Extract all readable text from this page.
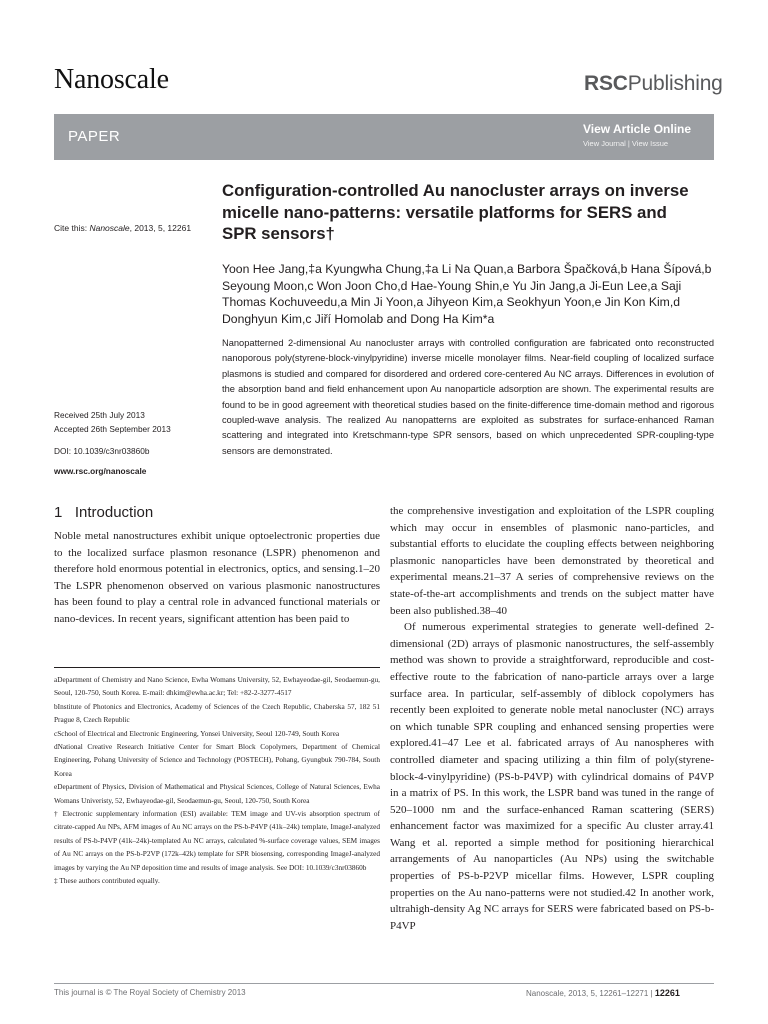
Nanoscale	RSCPublishing
PAPER	View Article Online
View Journal | View Issue
Configuration-controlled Au nanocluster arrays on inverse micelle nano-patterns: versatile platforms for SERS and SPR sensors†
Cite this: Nanoscale, 2013, 5, 12261
Yoon Hee Jang,‡a Kyungwha Chung,‡a Li Na Quan,a Barbora Špačková,b Hana Šípová,b Seyoung Moon,c Won Joon Cho,d Hae-Young Shin,e Yu Jin Jang,a Ji-Eun Lee,a Saji Thomas Kochuveedu,a Min Ji Yoon,a Jihyeon Kim,a Seokhyun Yoon,e Jin Kon Kim,d Donghyun Kim,c Jiří Homolab and Dong Ha Kim*a
Received 25th July 2013
Accepted 26th September 2013
DOI: 10.1039/c3nr03860b
www.rsc.org/nanoscale
Nanopatterned 2-dimensional Au nanocluster arrays with controlled configuration are fabricated onto reconstructed nanoporous poly(styrene-block-vinylpyridine) inverse micelle monolayer films. Near-field coupling of localized surface plasmons is studied and compared for disordered and ordered core-centered Au NC arrays. Differences in evolution of the absorption band and field enhancement upon Au nanoparticle adsorption are shown. The experimental results are found to be in good agreement with theoretical studies based on the finite-difference time-domain method and rigorous coupled-wave analysis. The realized Au nanopatterns are exploited as substrates for surface-enhanced Raman scattering and integrated into Kretschmann-type SPR sensors, based on which unprecedented SPR-coupling-type sensors are demonstrated.
1 Introduction
Noble metal nanostructures exhibit unique optoelectronic properties due to the localized surface plasmon resonance (LSPR) phenomenon and therefore hold enormous potential in electronics, optics, and sensing.1–20 The LSPR phenomenon observed on various plasmonic nanostructures has been found to play a central role in advanced functional materials or nano-devices. In recent years, significant attention has been paid to
aDepartment of Chemistry and Nano Science, Ewha Womans University, 52, Ewhayeodae-gil, Seodaemun-gu, Seoul, 120-750, South Korea. E-mail: dhkim@ewha.ac.kr; Tel: +82-2-3277-4517
bInstitute of Photonics and Electronics, Academy of Sciences of the Czech Republic, Chaberska 57, 182 51 Prague 8, Czech Republic
cSchool of Electrical and Electronic Engineering, Yonsei University, Seoul 120-749, South Korea
dNational Creative Research Initiative Center for Smart Block Copolymers, Department of Chemical Engineering, Pohang University of Science and Technology (POSTECH), Pohang, Gyungbuk 790-784, South Korea
eDepartment of Physics, Division of Mathematical and Physical Sciences, College of Natural Sciences, Ewha Womans Univeristy, 52, Ewhayeodae-gil, Seodaemun-gu, Seoul, 120-750, South Korea
† Electronic supplementary information (ESI) available: TEM image and UV-vis absorption spectrum of citrate-capped Au NPs, AFM images of Au NC arrays on the PS-b-P4VP (41k–24k) template, ImageJ-analyzed results of PS-b-P4VP (41k–24k)-templated Au NC arrays, calculated %-surface coverage values, SEM images of Au NC arrays on the PS-b-P2VP (172k–42k) template for SPR biosensing, corresponding ImageJ-analyzed images by varying the Au NP deposition time and results of image analysis. See DOI: 10.1039/c3nr03860b
‡ These authors contributed equally.
the comprehensive investigation and exploitation of the LSPR coupling which may occur in ensembles of plasmonic nano-particles, and substantial efforts to elucidate the coupling effects between neighboring plasmonic nanoparticles have been demonstrated by theoretical and experimental means.21–37 A series of comprehensive reviews on the state-of-the-art accomplishments and trends on the subject matter have been also published.38–40
Of numerous experimental strategies to generate well-defined 2-dimensional (2D) arrays of plasmonic nanostructures, the self-assembly method was shown to provide a straightforward, reproducible and cost-effective route to the fabrication of nano-particle arrays over a large surface area. In particular, self-assembly of diblock copolymers has recently been exploited to generate noble metal nanocluster (NC) arrays on which tunable SPR coupling and enhanced sensing properties were explored.41–47 Lee et al. fabricated arrays of Au nanospheres with controlled diameter and spacing utilizing a thin film of poly(styrene-block-4-vinylpyridine) (PS-b-P4VP) with cylindrical domains of P4VP in a matrix of PS. In this work, the LSPR band was tuned in the range of 520–1000 nm and the surface-enhanced Raman scattering (SERS) enhancement factor was maximized for a specific Au cluster array.41 Wang et al. reported a simple method for positioning hierarchical arrangements of Au nanoparticles (Au NPs) using the switchable properties of PS-b-P2VP micellar films. However, LSPR coupling properties on the Au nano-patterns were not studied.42 In another work, ultrahigh-density Ag NC arrays for SERS were fabricated based on PS-b-P4VP
This journal is © The Royal Society of Chemistry 2013	Nanoscale, 2013, 5, 12261–12271 | 12261
